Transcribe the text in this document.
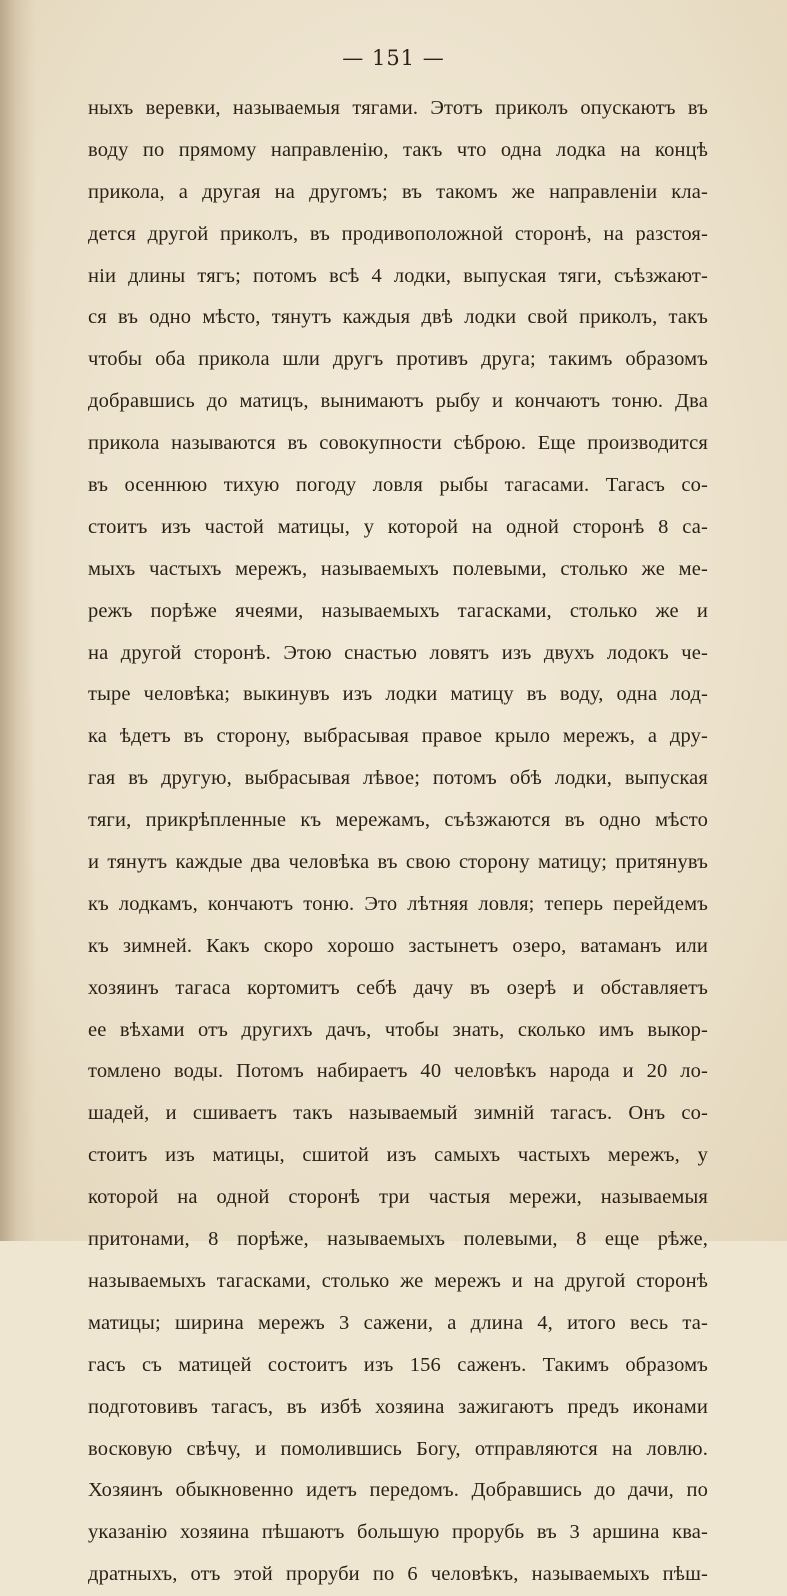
— 151 —
ныхъ веревки, называемыя тягами. Этотъ приколъ опускаютъ въ
воду по прямому направленію, такъ что одна лодка на концѣ
прикола, а другая на другомъ; въ такомъ же направленіи кла-
дется другой приколъ, въ продивоположной сторонѣ, на разстоя-
ніи длины тягъ; потомъ всѣ 4 лодки, выпуская тяги, съѣзжают-
ся въ одно мѣсто, тянутъ каждыя двѣ лодки свой приколъ, такъ
чтобы оба прикола шли другъ противъ друга; такимъ образомъ
добравшись до матицъ, вынимаютъ рыбу и кончаютъ тоню. Два
прикола называются въ совокупности сѣброю. Еще производится
въ осеннюю тихую погоду ловля рыбы тагасами. Тагасъ со-
стоитъ изъ частой матицы, у которой на одной сторонѣ 8 са-
мыхъ частыхъ мережъ, называемыхъ полевыми, столько же ме-
режъ порѣже ячеями, называемыхъ тагасками, столько же и
на другой сторонѣ. Этою снастью ловятъ изъ двухъ лодокъ че-
тыре человѣка; выкинувъ изъ лодки матицу въ воду, одна лод-
ка ѣдетъ въ сторону, выбрасывая правое крыло мережъ, а дру-
гая въ другую, выбрасывая лѣвое; потомъ обѣ лодки, выпуская
тяги, прикрѣпленные къ мережамъ, съѣзжаются въ одно мѣсто
и тянутъ каждые два человѣка въ свою сторону матицу; притянувъ
къ лодкамъ, кончаютъ тоню. Это лѣтняя ловля; теперь перейдемъ
къ зимней. Какъ скоро хорошо застынетъ озеро, ватаманъ или
хозяинъ тагаса кортомитъ себѣ дачу въ озерѣ и обставляетъ
ее вѣхами отъ другихъ дачъ, чтобы знать, сколько имъ выкор-
томлено воды. Потомъ набираетъ 40 человѣкъ народа и 20 ло-
шадей, и сшиваетъ такъ называемый зимній тагасъ. Онъ со-
стоитъ изъ матицы, сшитой изъ самыхъ частыхъ мережъ, у
которой на одной сторонѣ три частыя мережи, называемыя
притонами, 8 порѣже, называемыхъ полевыми, 8 еще рѣже,
называемыхъ тагасками, столько же мережъ и на другой сторонѣ
матицы; ширина мережъ 3 сажени, а длина 4, итого весь та-
гасъ съ матицей состоитъ изъ 156 саженъ. Такимъ образомъ
подготовивъ тагасъ, въ избѣ хозяина зажигаютъ предъ иконами
восковую свѣчу, и помолившись Богу, отправляются на ловлю.
Хозяинъ обыкновенно идетъ передомъ. Добравшись до дачи, по
указанію хозяина пѣшаютъ большую прорубь въ 3 аршина ква-
дратныхъ, отъ этой проруби по 6 человѣкъ, называемыхъ пѣш-
